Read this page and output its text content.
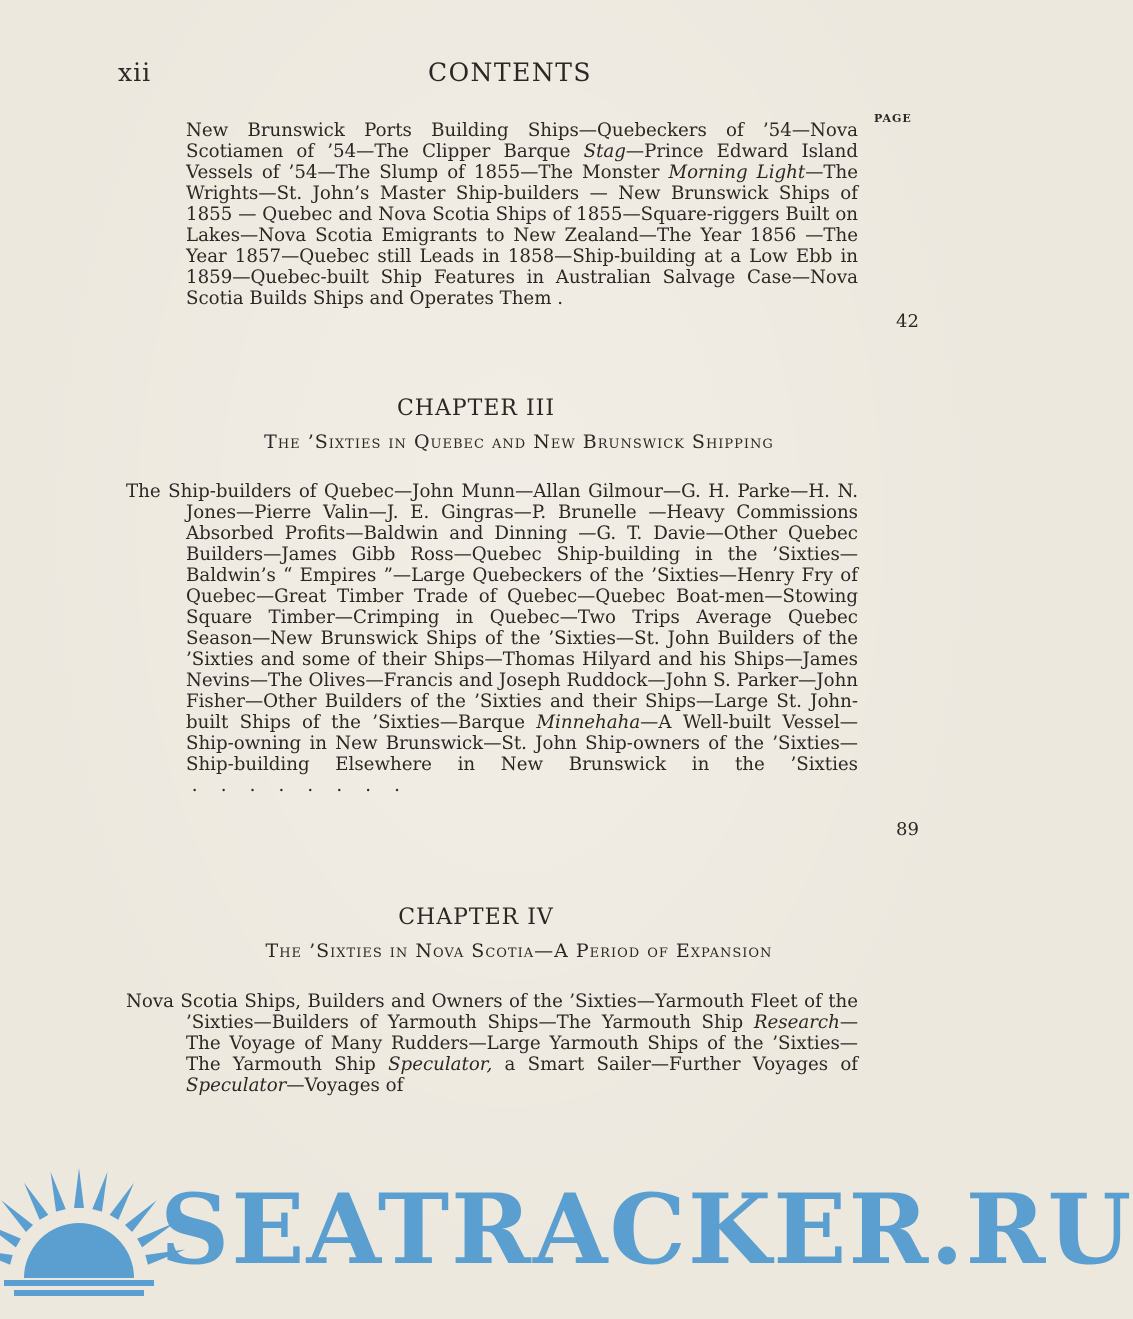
xii	CONTENTS
PAGE
New Brunswick Ports Building Ships—Quebeckers of ’54—Nova Scotiamen of ’54—The Clipper Barque Stag—Prince Edward Island Vessels of ’54—The Slump of 1855—The Monster Morning Light—The Wrights—St. John’s Master Ship-builders — New Brunswick Ships of 1855 — Quebec and Nova Scotia Ships of 1855—Square-riggers Built on Lakes—Nova Scotia Emigrants to New Zealand—The Year 1856 —The Year 1857—Quebec still Leads in 1858—Ship-building at a Low Ebb in 1859—Quebec-built Ship Features in Australian Salvage Case—Nova Scotia Builds Ships and Operates Them .
42
CHAPTER III
The ’Sixties in Quebec and New Brunswick Shipping
The Ship-builders of Quebec—John Munn—Allan Gilmour—G. H. Parke—H. N. Jones—Pierre Valin—J. E. Gingras—P. Brunelle —Heavy Commissions Absorbed Profits—Baldwin and Dinning —G. T. Davie—Other Quebec Builders—James Gibb Ross—Quebec Ship-building in the ’Sixties—Baldwin’s “ Empires ”—Large Quebeckers of the ’Sixties—Henry Fry of Quebec—Great Timber Trade of Quebec—Quebec Boat-men—Stowing Square Timber—Crimping in Quebec—Two Trips Average Quebec Season—New Brunswick Ships of the ’Sixties—St. John Builders of the ’Sixties and some of their Ships—Thomas Hilyard and his Ships—James Nevins—The Olives—Francis and Joseph Ruddock—John S. Parker—John Fisher—Other Builders of the ’Sixties and their Ships—Large St. John-built Ships of the ’Sixties—Barque Minnehaha—A Well-built Vessel—Ship-owning in New Brunswick—St. John Ship-owners of the ’Sixties—Ship-building Elsewhere in New Brunswick in the ’Sixties .    .    .    .    .    .    .    .
89
CHAPTER IV
The ’Sixties in Nova Scotia—A Period of Expansion
Nova Scotia Ships, Builders and Owners of the ’Sixties—Yarmouth Fleet of the ’Sixties—Builders of Yarmouth Ships—The Yarmouth Ship Research—The Voyage of Many Rudders—Large Yarmouth Ships of the ’Sixties—The Yarmouth Ship Speculator, a Smart Sailer—Further Voyages of Speculator—Voyages of
SEATRACKER.RU
